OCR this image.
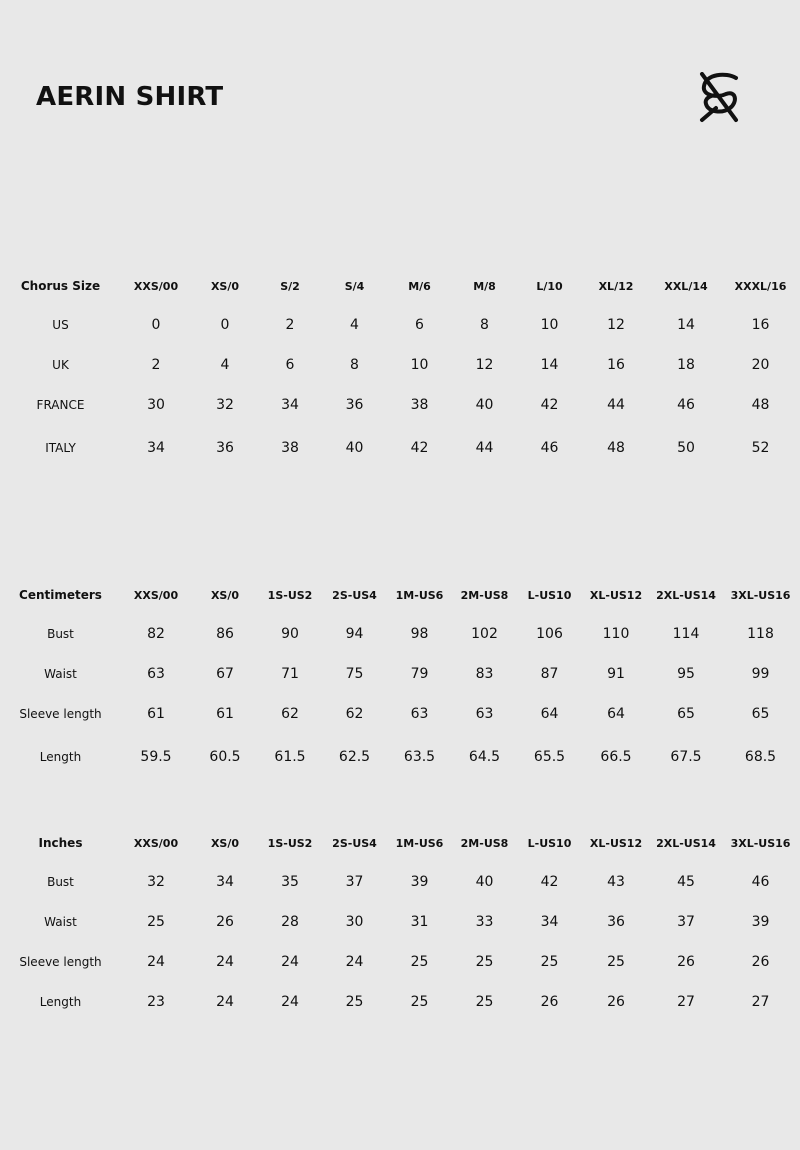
AERIN SHIRT
Chorus Size	XXS/00	XS/0	S/2	S/4	M/6	M/8	L/10	XL/12	XXL/14	XXXL/16
US	0	0	2	4	6	8	10	12	14	16
UK	2	4	6	8	10	12	14	16	18	20
FRANCE	30	32	34	36	38	40	42	44	46	48
ITALY	34	36	38	40	42	44	46	48	50	52
Centimeters	XXS/00	XS/0	1S-US2	2S-US4	1M-US6	2M-US8	L-US10	XL-US12	2XL-US14	3XL-US16
Bust	82	86	90	94	98	102	106	110	114	118
Waist	63	67	71	75	79	83	87	91	95	99
Sleeve length	61	61	62	62	63	63	64	64	65	65
Length	59.5	60.5	61.5	62.5	63.5	64.5	65.5	66.5	67.5	68.5
Inches	XXS/00	XS/0	1S-US2	2S-US4	1M-US6	2M-US8	L-US10	XL-US12	2XL-US14	3XL-US16
Bust	32	34	35	37	39	40	42	43	45	46
Waist	25	26	28	30	31	33	34	36	37	39
Sleeve length	24	24	24	24	25	25	25	25	26	26
Length	23	24	24	25	25	25	26	26	27	27
